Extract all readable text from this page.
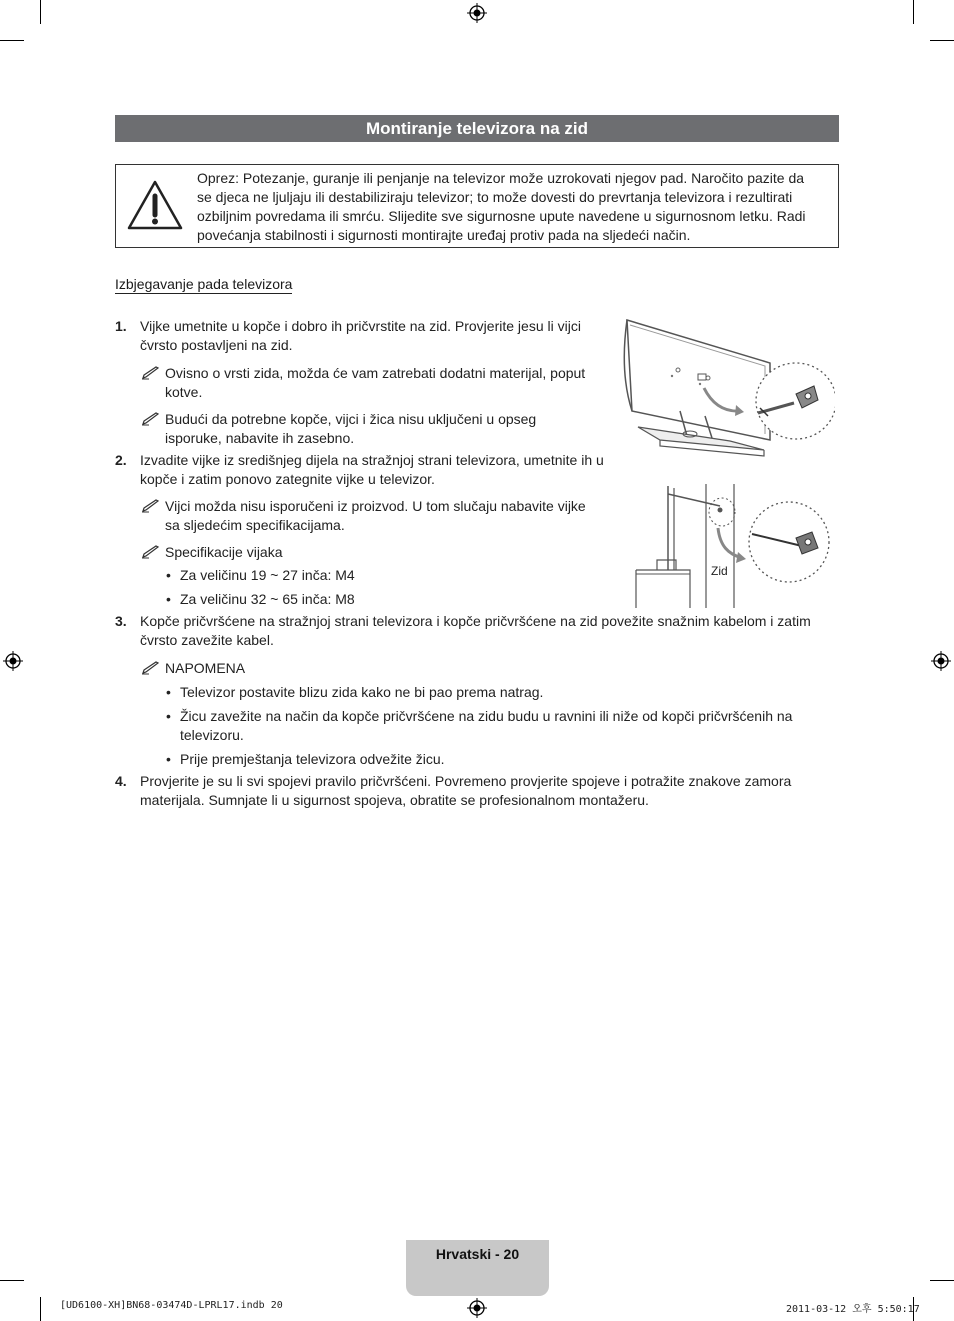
Montiranje televizora na zid
Oprez: Potezanje, guranje ili penjanje na televizor može uzrokovati njegov pad. Naročito pazite da
se djeca ne ljuljaju ili destabiliziraju televizor; to može dovesti do prevrtanja televizora i rezultirati
ozbiljnim povredama ili smrću. Slijedite sve sigurnosne upute navedene u sigurnosnom letku. Radi
povećanja stabilnosti i sigurnosti montirajte uređaj protiv pada na sljedeći način.
Izbjegavanje pada televizora
1. Vijke umetnite u kopče i dobro ih pričvrstite na zid. Provjerite jesu li vijci
čvrsto postavljeni na zid.
Ovisno o vrsti zida, možda će vam zatrebati dodatni materijal, poput
kotve.
Budući da potrebne kopče, vijci i žica nisu uključeni u opseg
isporuke, nabavite ih zasebno.
2. Izvadite vijke iz središnjeg dijela na stražnjoj strani televizora, umetnite ih u
kopče i zatim ponovo zategnite vijke u televizor.
Vijci možda nisu isporučeni iz proizvod. U tom slučaju nabavite vijke
sa sljedećim specifikacijama.
Specifikacije vijaka
• Za veličinu 19 ~ 27 inča: M4
• Za veličinu 32 ~ 65 inča: M8
3. Kopče pričvršćene na stražnjoj strani televizora i kopče pričvršćene na zid povežite snažnim kabelom i zatim
čvrsto zavežite kabel.
NAPOMENA
• Televizor postavite blizu zida kako ne bi pao prema natrag.
• Žicu zavežite na način da kopče pričvršćene na zidu budu u ravnini ili niže od kopči pričvršćenih na
televizoru.
• Prije premještanja televizora odvežite žicu.
4. Provjerite je su li svi spojevi pravilo pričvršćeni. Povremeno provjerite spojeve i potražite znakove zamora
materijala. Sumnjate li u sigurnost spojeva, obratite se profesionalnom montažeru.
Zid
Hrvatski - 20
[UD6100-XH]BN68-03474D-LPRL17.indb 20	2011-03-12 오후 5:50:17
